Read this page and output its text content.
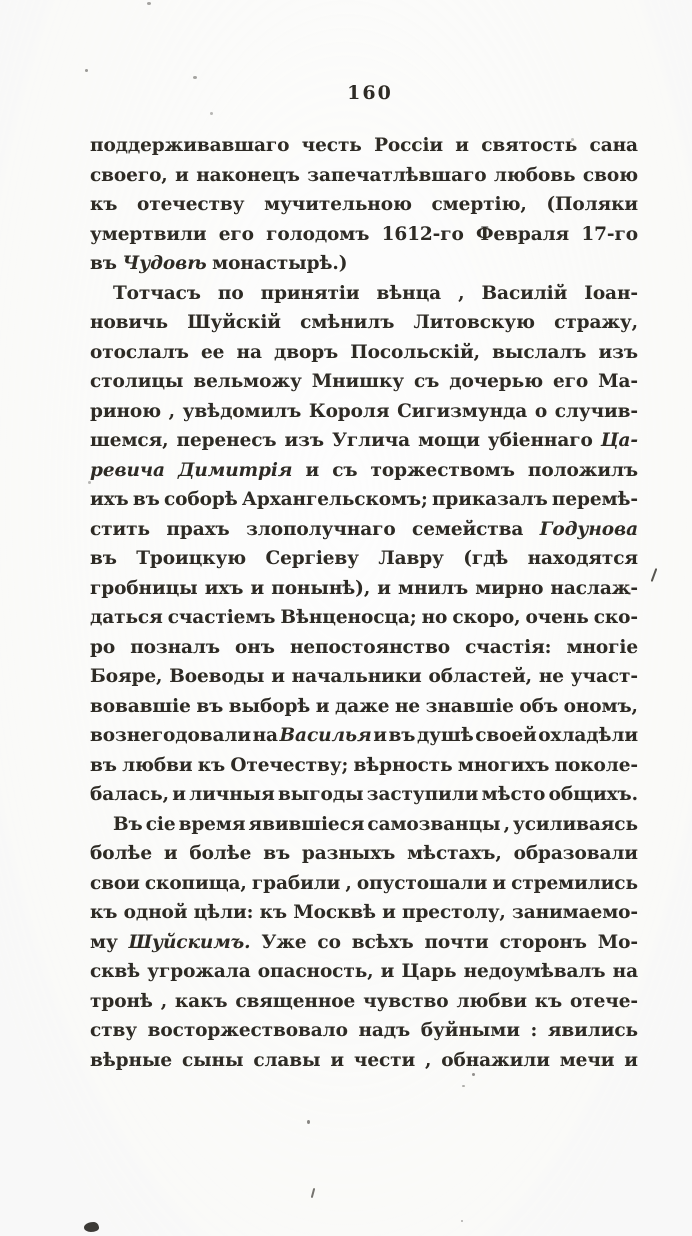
160
поддерживавшаго честь Россіи и святость сана
своего, и наконецъ запечатлѣвшаго любовь свою
къ отечеству мучительною смертію, (Поляки
умертвили его голодомъ 1612-го Февраля 17-го
въ Чудовѣ монастырѣ.)
Тотчасъ по принятіи вѣнца , Василій Іоан-
новичь Шуйскій смѣнилъ Литовскую стражу,
отослалъ ее на дворъ Посольскій, выслалъ изъ
столицы вельможу Мнишку съ дочерью его Ма-
риною , увѣдомилъ Короля Сигизмунда о случив-
шемся, перенесъ изъ Углича мощи убіеннаго Ца-
ревича Димитрія и съ торжествомъ положилъ
ихъ въ соборѣ Архангельскомъ; приказалъ перемѣ-
стить прахъ злополучнаго семейства Годунова
въ Троицкую Сергіеву Лавру (гдѣ находятся
гробницы ихъ и понынѣ), и мнилъ мирно наслаж-
даться счастіемъ Вѣнценосца; но скоро, очень ско-
ро позналъ онъ непостоянство счастія: многіе
Бояре, Воеводы и начальники областей, не участ-
вовавшіе въ выборѣ и даже не знавшіе объ ономъ,
вознегодовали на Василья и въ душѣ своей охладѣли
въ любви къ Отечеству; вѣрность многихъ поколе-
балась, и личныя выгоды заступили мѣсто общихъ.
Въ сіе время явившіеся самозванцы , усиливаясь
болѣе и болѣе въ разныхъ мѣстахъ, образовали
свои скопища, грабили , опустошали и стремились
къ одной цѣли: къ Москвѣ и престолу, занимаемо-
му Шуйскимъ. Уже со всѣхъ почти сторонъ Мо-
сквѣ угрожала опасность, и Царь недоумѣвалъ на
тронѣ , какъ священное чувство любви къ отече-
ству восторжествовало надъ буйными : явились
вѣрные сыны славы и чести , обнажили мечи и
